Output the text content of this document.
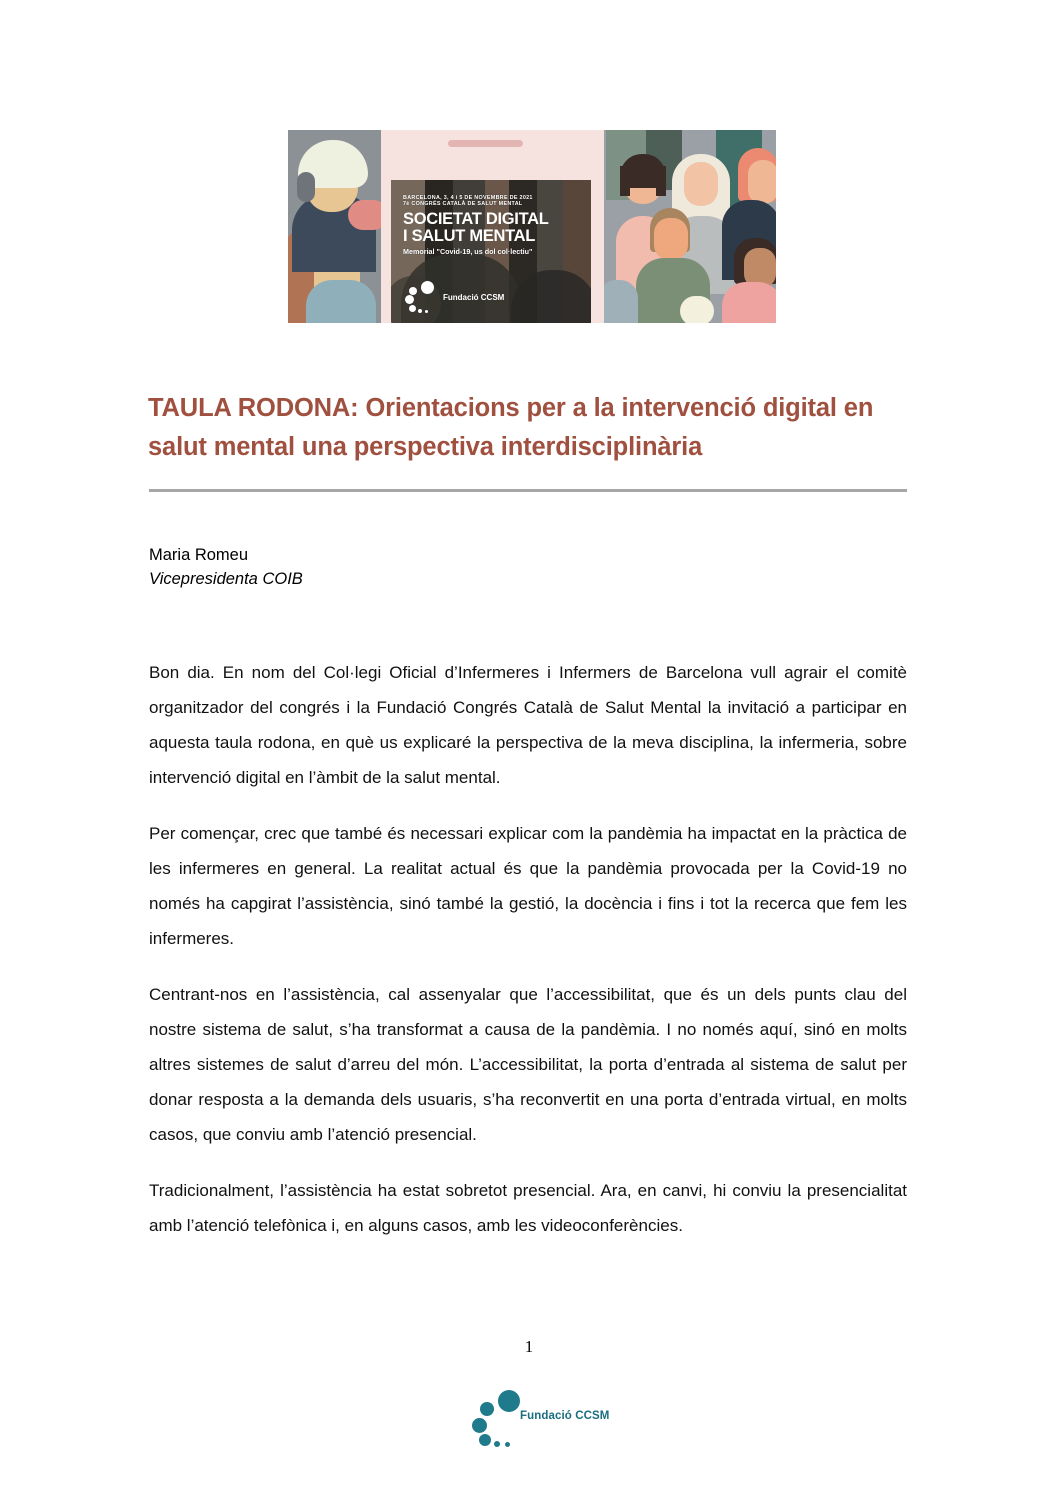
BARCELONA, 3, 4 i 5 DE NOVEMBRE DE 2021
7è CONGRÉS CATALÀ DE SALUT MENTAL
SOCIETAT DIGITAL
I SALUT MENTAL
Memorial "Covid-19, us dol col·lectiu"
Fundació CCSM
TAULA RODONA: Orientacions per a la intervenció digital en
salut mental una perspectiva interdisciplinària
Maria Romeu
Vicepresidenta COIB

Bon dia. En nom del Col·legi Oficial d’Infermeres i Infermers de Barcelona vull agrair el comitè organitzador del congrés i la Fundació Congrés Català de Salut Mental la invitació a participar en aquesta taula rodona, en què us explicaré la perspectiva de la meva disciplina, la infermeria, sobre intervenció digital en l’àmbit de la salut mental.

Per començar, crec que també és necessari explicar com la pandèmia ha impactat en la pràctica de les infermeres en general. La realitat actual és que la pandèmia provocada per la Covid-19 no només ha capgirat l’assistència, sinó també la gestió, la docència i fins i tot la recerca que fem les infermeres.

Centrant-nos en l’assistència, cal assenyalar que l’accessibilitat, que és un dels punts clau del nostre sistema de salut, s’ha transformat a causa de la pandèmia. I no només aquí, sinó en molts altres sistemes de salut d’arreu del món. L’accessibilitat, la porta d’entrada al sistema de salut per donar resposta a la demanda dels usuaris, s’ha reconvertit en una porta d’entrada virtual, en molts casos, que conviu amb l’atenció presencial.

Tradicionalment, l’assistència ha estat sobretot presencial. Ara, en canvi, hi conviu la presencialitat amb l’atenció telefònica i, en alguns casos, amb les videoconferències.

1
Fundació CCSM
